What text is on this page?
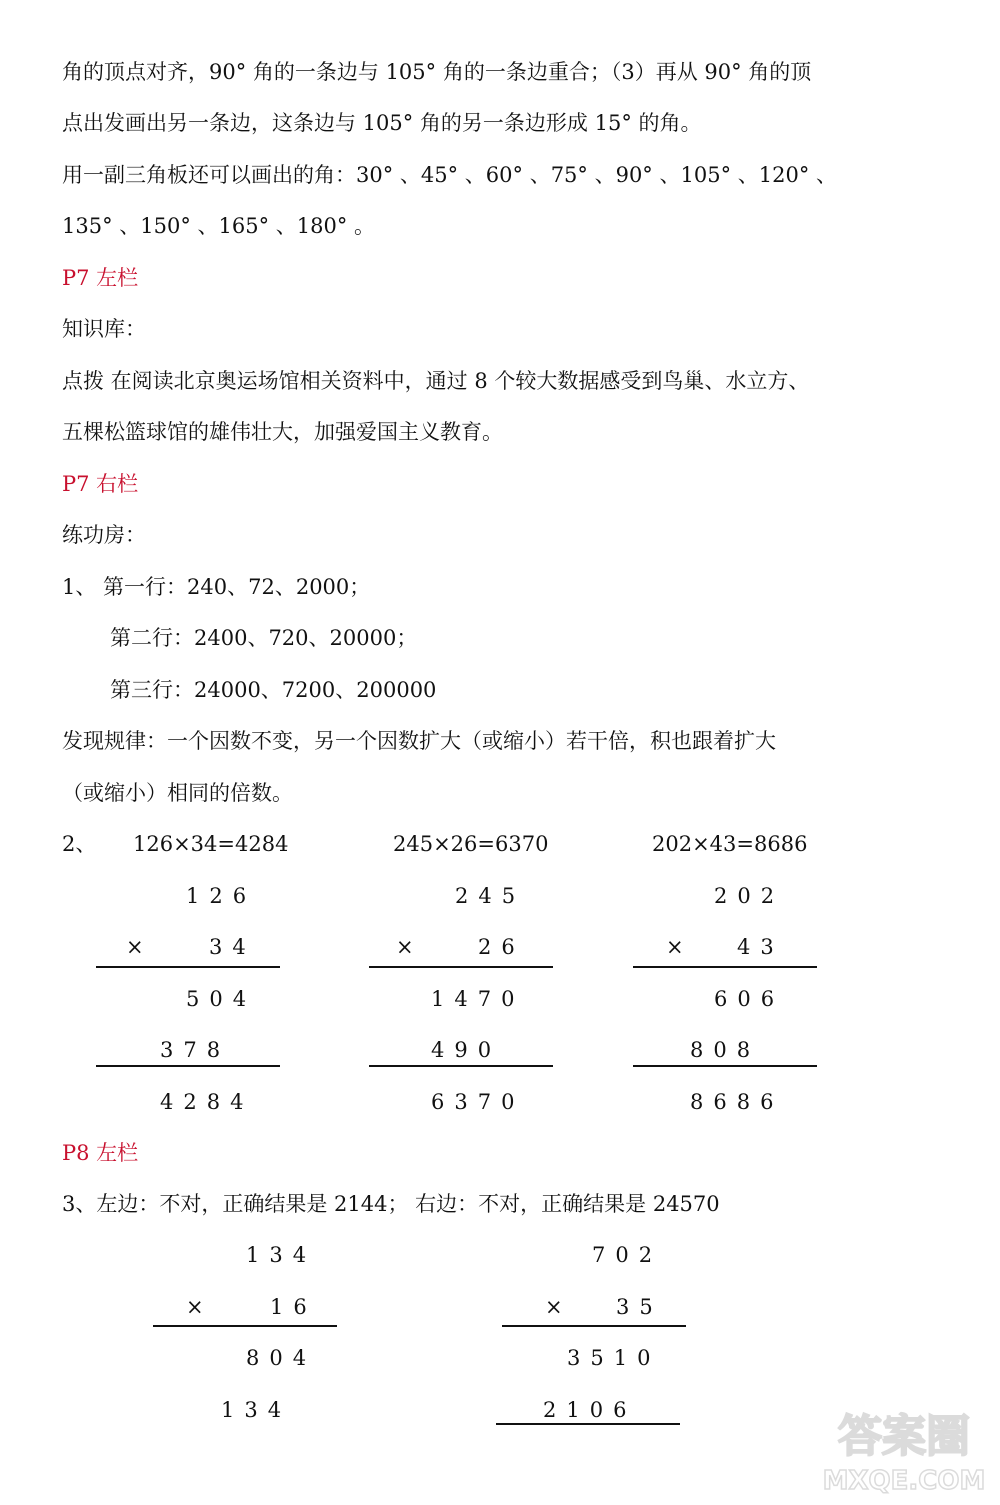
角的顶点对齐，90° 角的一条边与 105° 角的一条边重合；（3）再从 90° 角的顶
点出发画出另一条边，这条边与 105° 角的另一条边形成 15° 的角。
用一副三角板还可以画出的角：30° 、45° 、60° 、75° 、90° 、105° 、120° 、
135° 、150° 、165° 、180° 。
P7 左栏
知识库：
点拨 在阅读北京奥运场馆相关资料中，通过 8 个较大数据感受到鸟巢、水立方、
五棵松篮球馆的雄伟壮大，加强爱国主义教育。
P7 右栏
练功房：
1、 第一行：240、72、2000；
第二行：2400、720、20000；
第三行：24000、7200、200000
发现规律：一个因数不变，另一个因数扩大（或缩小）若干倍，积也跟着扩大
（或缩小）相同的倍数。
2、 126×34=4284	245×26=6370	202×43=8686
126
×	34
504
378
4284
245
×	26
1470
490
6370
202
× 43
606
808
8686
P8 左栏
3、左边：不对，正确结果是 2144； 右边：不对，正确结果是 24570
134
×	16
804
134
702
× 35
3510
2106
答案圈
MXQE.COM
